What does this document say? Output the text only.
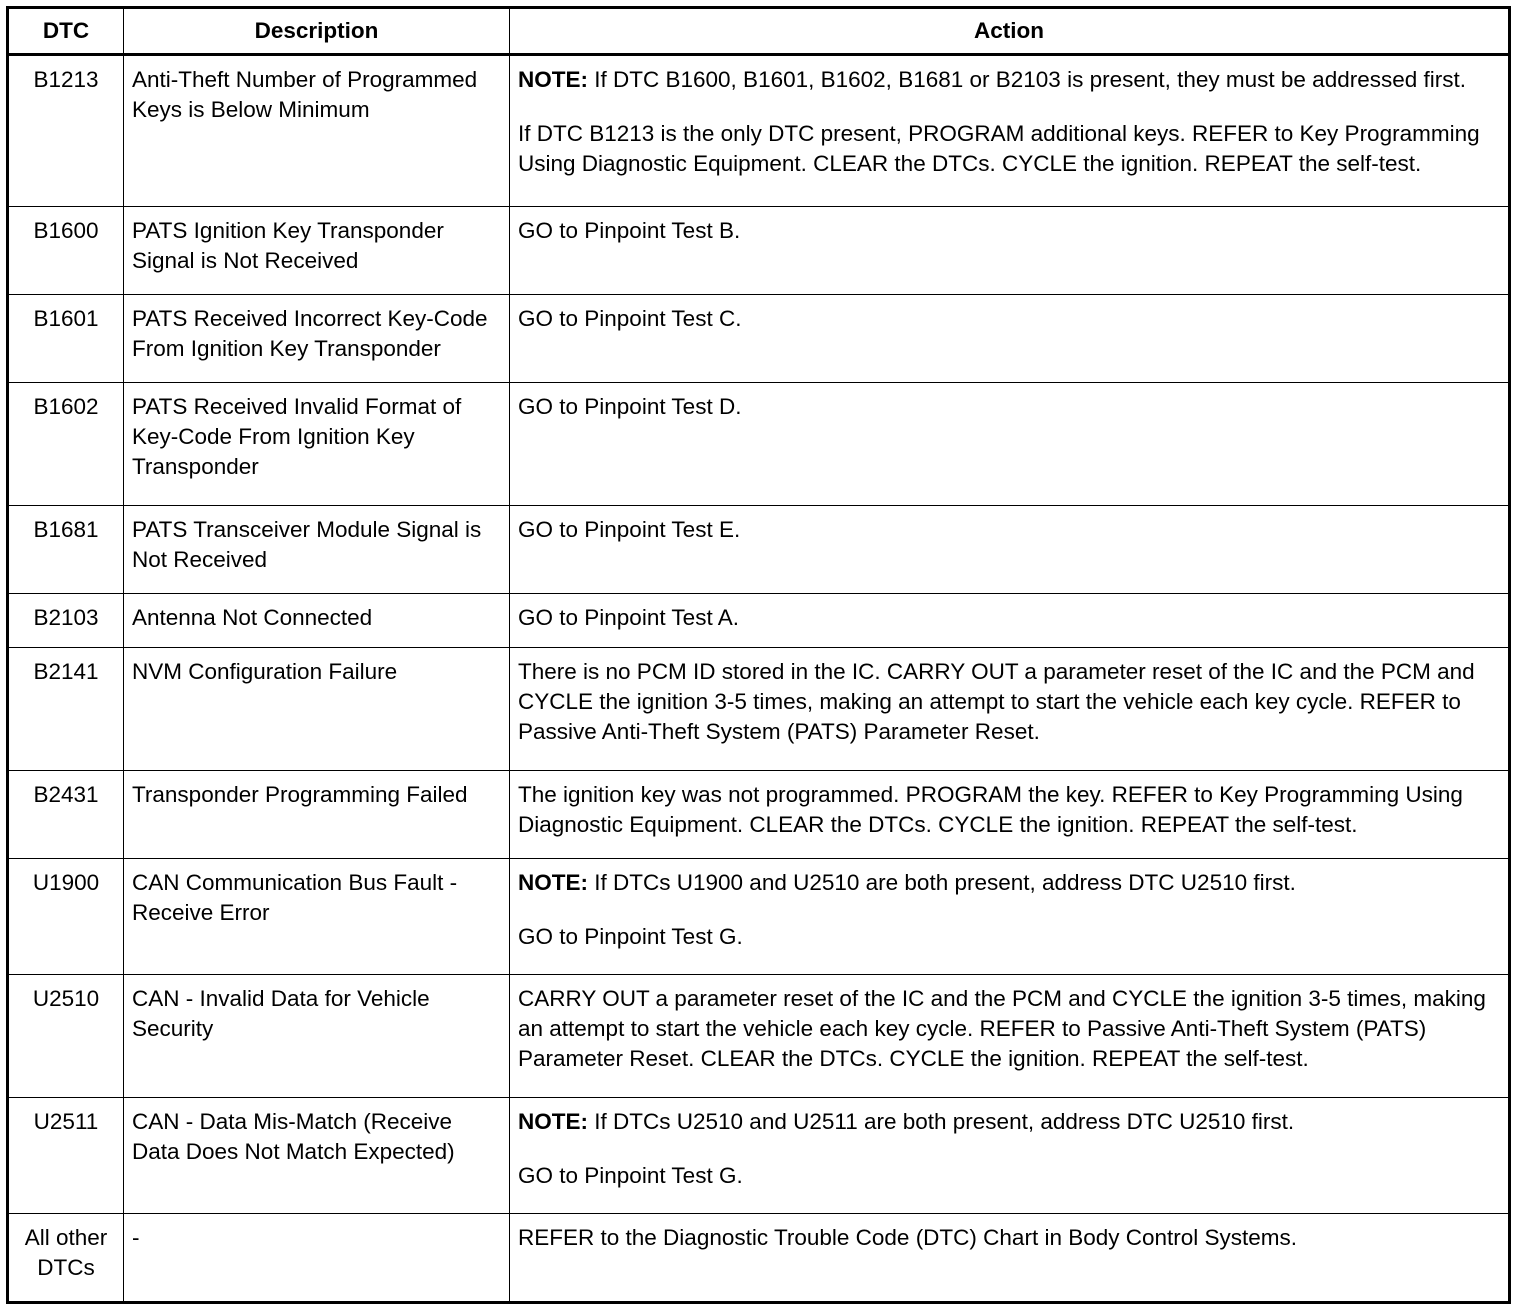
DTC	Description	Action
B1213	Anti-Theft Number of Programmed Keys is Below Minimum	NOTE: If DTC B1600, B1601, B1602, B1681 or B2103 is present, they must be addressed first.
If DTC B1213 is the only DTC present, PROGRAM additional keys. REFER to Key Programming Using Diagnostic Equipment. CLEAR the DTCs. CYCLE the ignition. REPEAT the self-test.

B1600	PATS Ignition Key Transponder Signal is Not Received	GO to Pinpoint Test B.

B1601	PATS Received Incorrect Key-Code From Ignition Key Transponder	GO to Pinpoint Test C.

B1602	PATS Received Invalid Format of Key-Code From Ignition Key Transponder	GO to Pinpoint Test D.

B1681	PATS Transceiver Module Signal is Not Received	GO to Pinpoint Test E.

B2103	Antenna Not Connected	GO to Pinpoint Test A.

B2141	NVM Configuration Failure	There is no PCM ID stored in the IC. CARRY OUT a parameter reset of the IC and the PCM and CYCLE the ignition 3-5 times, making an attempt to start the vehicle each key cycle. REFER to Passive Anti-Theft System (PATS) Parameter Reset.

B2431	Transponder Programming Failed	The ignition key was not programmed. PROGRAM the key. REFER to Key Programming Using Diagnostic Equipment. CLEAR the DTCs. CYCLE the ignition. REPEAT the self-test.

U1900	CAN Communication Bus Fault - Receive Error	NOTE: If DTCs U1900 and U2510 are both present, address DTC U2510 first.
GO to Pinpoint Test G.

U2510	CAN - Invalid Data for Vehicle Security	CARRY OUT a parameter reset of the IC and the PCM and CYCLE the ignition 3-5 times, making an attempt to start the vehicle each key cycle. REFER to Passive Anti-Theft System (PATS) Parameter Reset. CLEAR the DTCs. CYCLE the ignition. REPEAT the self-test.

U2511	CAN - Data Mis-Match (Receive Data Does Not Match Expected)	NOTE: If DTCs U2510 and U2511 are both present, address DTC U2510 first.
GO to Pinpoint Test G.

All other DTCs	-	REFER to the Diagnostic Trouble Code (DTC) Chart in Body Control Systems.
